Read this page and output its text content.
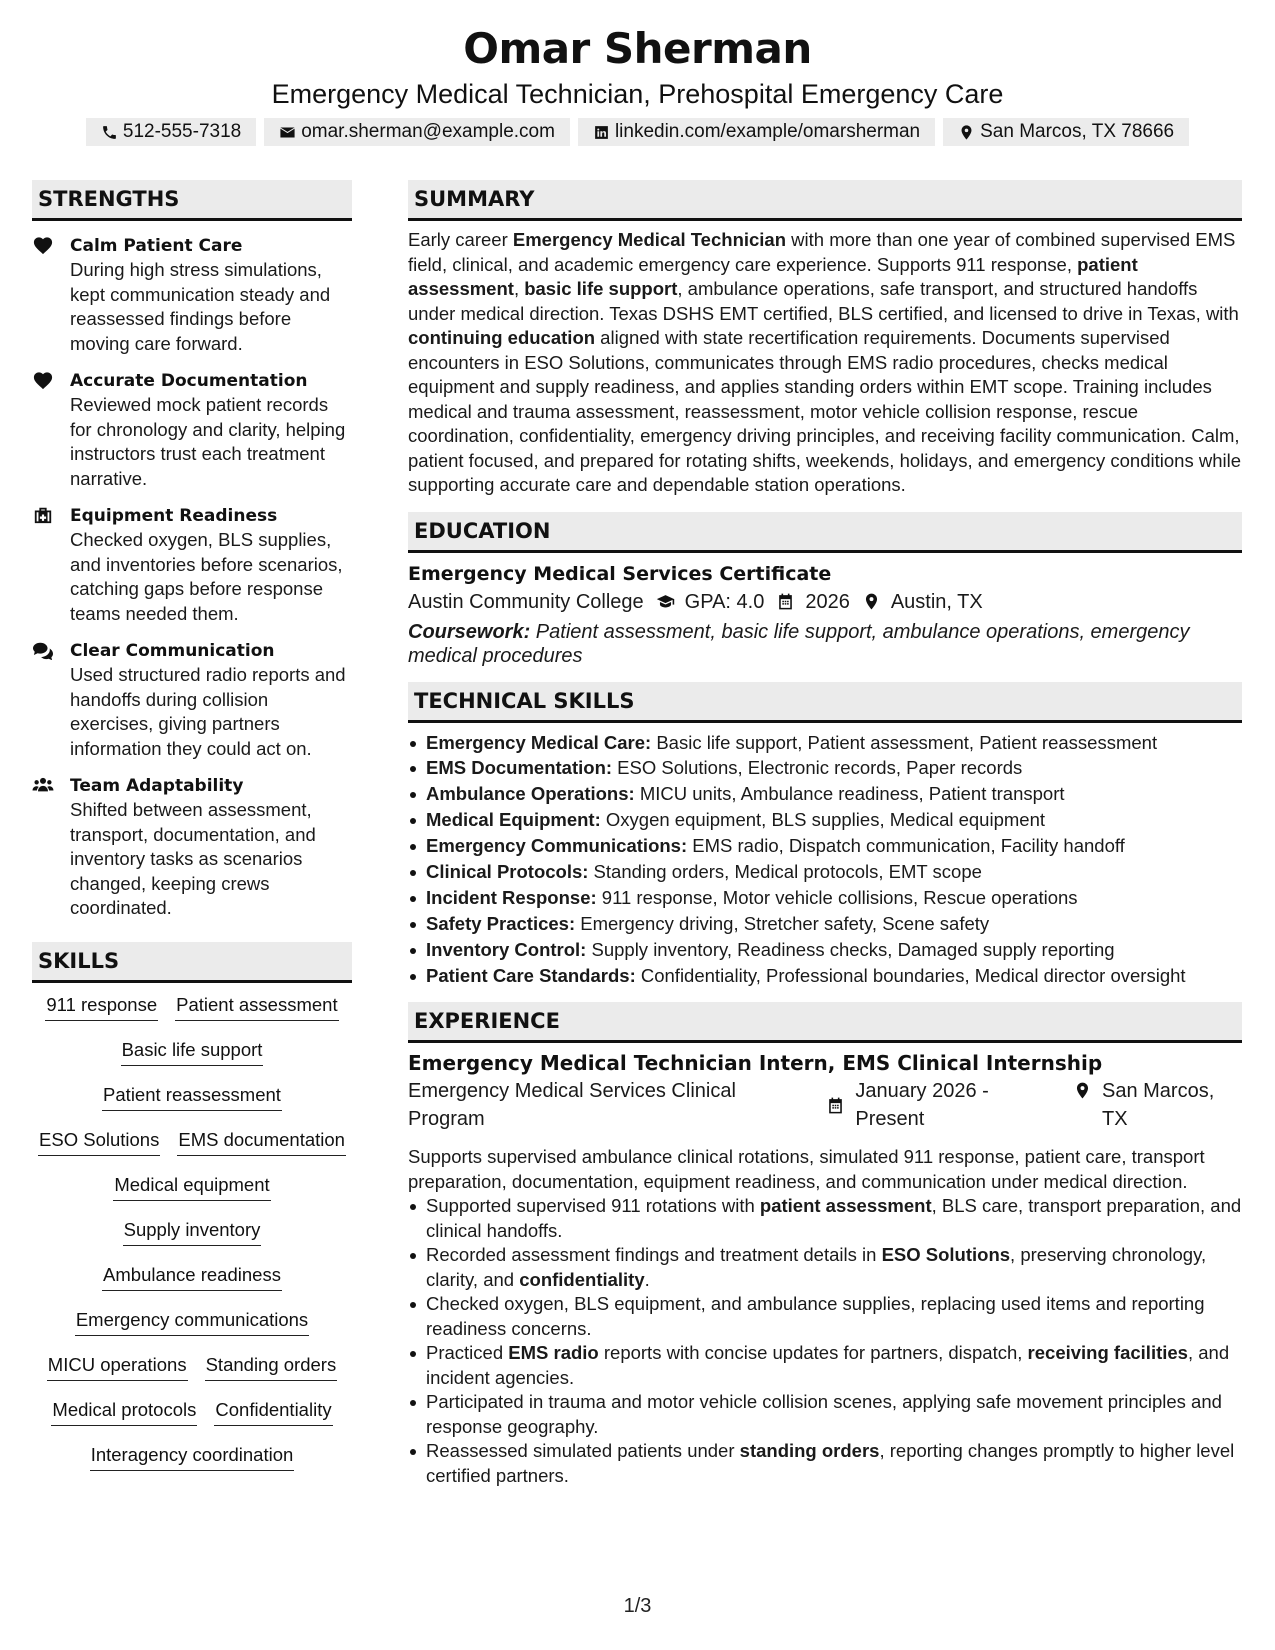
Omar Sherman
Emergency Medical Technician, Prehospital Emergency Care
512-555-7318	omar.sherman@example.com	linkedin.com/example/omarsherman	San Marcos, TX 78666
STRENGTHS
Calm Patient Care
During high stress simulations, kept communication steady and reassessed findings before moving care forward.
Accurate Documentation
Reviewed mock patient records for chronology and clarity, helping instructors trust each treatment narrative.
Equipment Readiness
Checked oxygen, BLS supplies, and inventories before scenarios, catching gaps before response teams needed them.
Clear Communication
Used structured radio reports and handoffs during collision exercises, giving partners information they could act on.
Team Adaptability
Shifted between assessment, transport, documentation, and inventory tasks as scenarios changed, keeping crews coordinated.
SKILLS
911 response Patient assessment
Basic life support
Patient reassessment
ESO Solutions EMS documentation
Medical equipment
Supply inventory
Ambulance readiness
Emergency communications
MICU operations Standing orders
Medical protocols Confidentiality
Interagency coordination
SUMMARY
Early career Emergency Medical Technician with more than one year of combined supervised EMS field, clinical, and academic emergency care experience. Supports 911 response, patient assessment, basic life support, ambulance operations, safe transport, and structured handoffs under medical direction. Texas DSHS EMT certified, BLS certified, and licensed to drive in Texas, with continuing education aligned with state recertification requirements. Documents supervised encounters in ESO Solutions, communicates through EMS radio procedures, checks medical equipment and supply readiness, and applies standing orders within EMT scope. Training includes medical and trauma assessment, reassessment, motor vehicle collision response, rescue coordination, confidentiality, emergency driving principles, and receiving facility communication. Calm, patient focused, and prepared for rotating shifts, weekends, holidays, and emergency conditions while supporting accurate care and dependable station operations.
EDUCATION
Emergency Medical Services Certificate
Austin Community College GPA: 4.0 2026 Austin, TX
Coursework: Patient assessment, basic life support, ambulance operations, emergency medical procedures
TECHNICAL SKILLS
Emergency Medical Care: Basic life support, Patient assessment, Patient reassessment
EMS Documentation: ESO Solutions, Electronic records, Paper records
Ambulance Operations: MICU units, Ambulance readiness, Patient transport
Medical Equipment: Oxygen equipment, BLS supplies, Medical equipment
Emergency Communications: EMS radio, Dispatch communication, Facility handoff
Clinical Protocols: Standing orders, Medical protocols, EMT scope
Incident Response: 911 response, Motor vehicle collisions, Rescue operations
Safety Practices: Emergency driving, Stretcher safety, Scene safety
Inventory Control: Supply inventory, Readiness checks, Damaged supply reporting
Patient Care Standards: Confidentiality, Professional boundaries, Medical director oversight
EXPERIENCE
Emergency Medical Technician Intern, EMS Clinical Internship
Emergency Medical Services Clinical Program
January 2026 - Present
San Marcos, TX
Supports supervised ambulance clinical rotations, simulated 911 response, patient care, transport preparation, documentation, equipment readiness, and communication under medical direction.
Supported supervised 911 rotations with patient assessment, BLS care, transport preparation, and clinical handoffs.
Recorded assessment findings and treatment details in ESO Solutions, preserving chronology, clarity, and confidentiality.
Checked oxygen, BLS equipment, and ambulance supplies, replacing used items and reporting readiness concerns.
Practiced EMS radio reports with concise updates for partners, dispatch, receiving facilities, and incident agencies.
Participated in trauma and motor vehicle collision scenes, applying safe movement principles and response geography.
Reassessed simulated patients under standing orders, reporting changes promptly to higher level certified partners.
1/3
